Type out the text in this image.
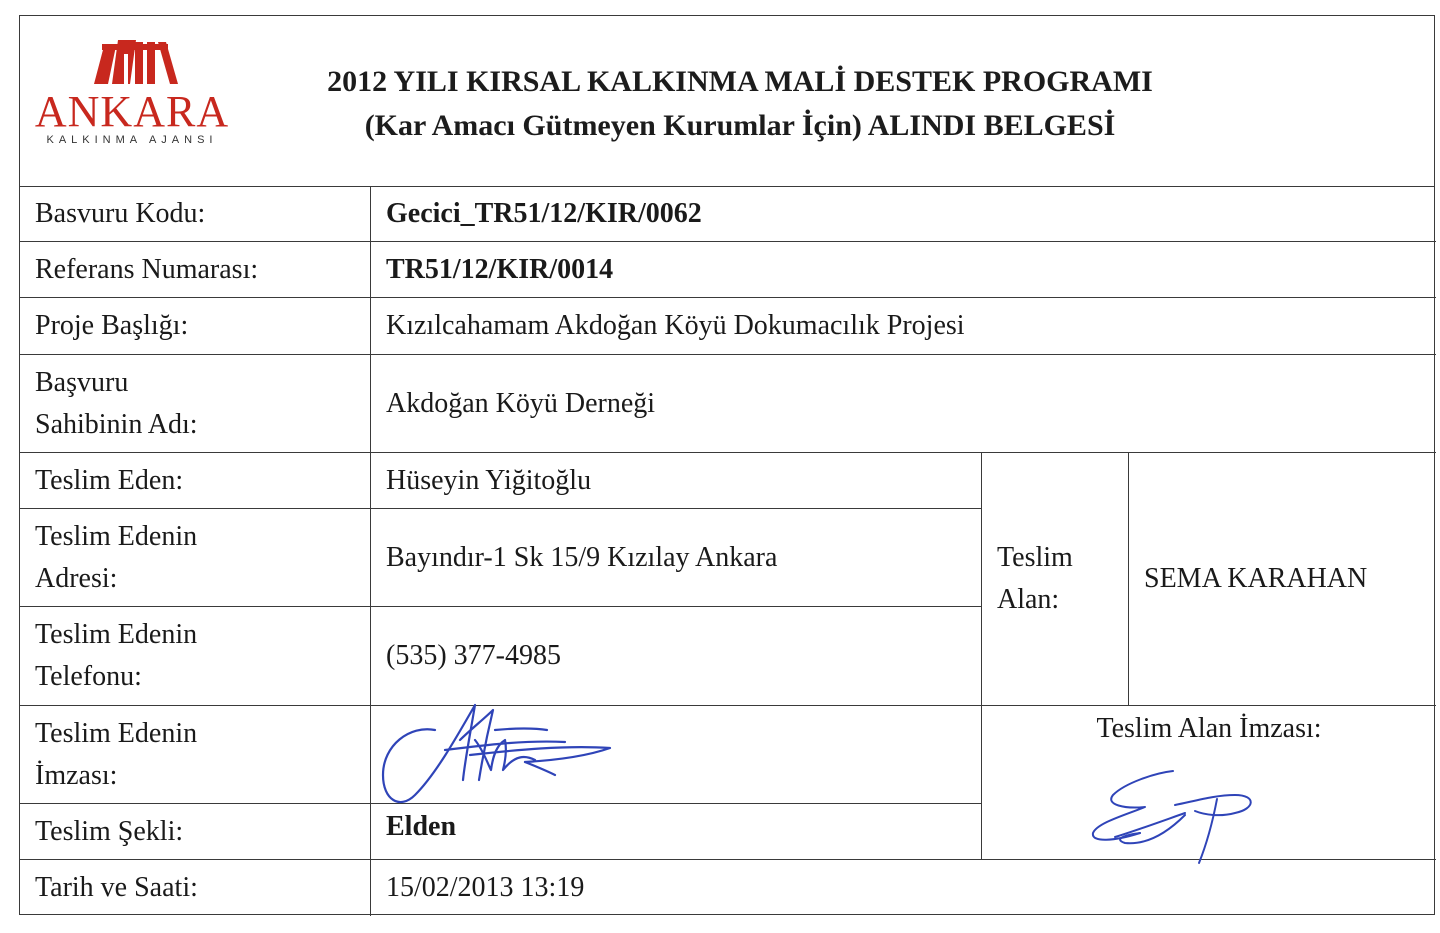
ANKARA
KALKINMA AJANSI
2012 YILI KIRSAL KALKINMA MALİ DESTEK PROGRAMI
(Kar Amacı Gütmeyen Kurumlar İçin) ALINDI BELGESİ
Basvuru Kodu:	Gecici_TR51/12/KIR/0062
Referans Numarası:	TR51/12/KIR/0014
Proje Başlığı:	Kızılcahamam Akdoğan Köyü Dokumacılık Projesi
Başvuru
Sahibinin Adı:
Akdoğan Köyü Derneği
Teslim Eden:	Hüseyin Yiğitoğlu
Teslim Edenin
Adresi:
Bayındır-1 Sk 15/9 Kızılay Ankara
Teslim Edenin
Telefonu:
(535) 377-4985
Teslim
Alan:
SEMA KARAHAN
Teslim Edenin
İmzası:
Teslim Şekli:	Elden
Teslim Alan İmzası:
Tarih ve Saati:	15/02/2013 13:19
